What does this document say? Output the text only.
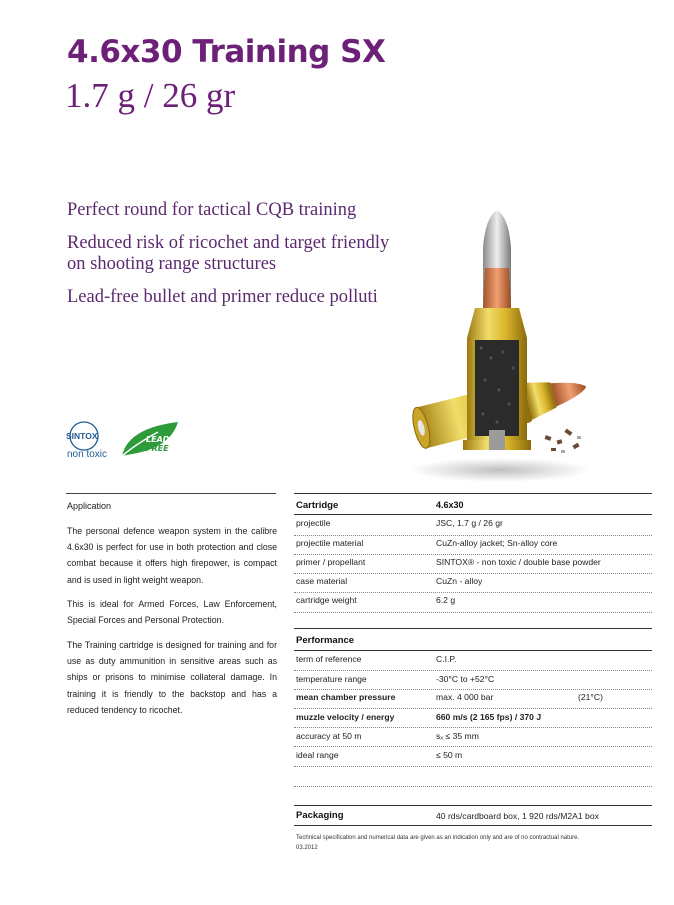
4.6x30 Training SX
1.7 g / 26 gr
Perfect round for tactical CQB training
Reduced risk of ricochet and target friendly on shooting range structures
Lead-free bullet and primer reduce polluti
SINTOX
non toxic
LEAD
FREE
Application
The personal defence weapon system in the calibre 4.6x30 is perfect for use in both protection and close combat because it offers high firepower, is compact and is used in light weight weapon.
This is ideal for Armed Forces, Law Enforcement, Special Forces and Personal Protection.
The Training cartridge is designed for training and for use as duty ammunition in sensitive areas such as ships or prisons to minimise collateral damage. In training it is friendly to the backstop and has a reduced tendency to ricochet.
Cartridge	4.6x30
projectile	JSC, 1.7 g / 26 gr
projectile material	CuZn-alloy jacket; Sn-alloy core
primer / propellant	SINTOX® - non toxic / double base powder
case material	CuZn - alloy
cartridge weight	6.2 g
Performance
term of reference	C.I.P.
temperature range	-30°C to +52°C
mean chamber pressure	max. 4 000 bar	(21°C)
muzzle velocity / energy	660 m/s (2 165 fps) / 370 J
accuracy at 50 m	sₓ ≤ 35 mm
ideal range	≤ 50 m
Packaging	40 rds/cardboard box, 1 920 rds/M2A1 box
Technical specification and numerical data are given as an indication only and are of no contractual nature.
03.2012
